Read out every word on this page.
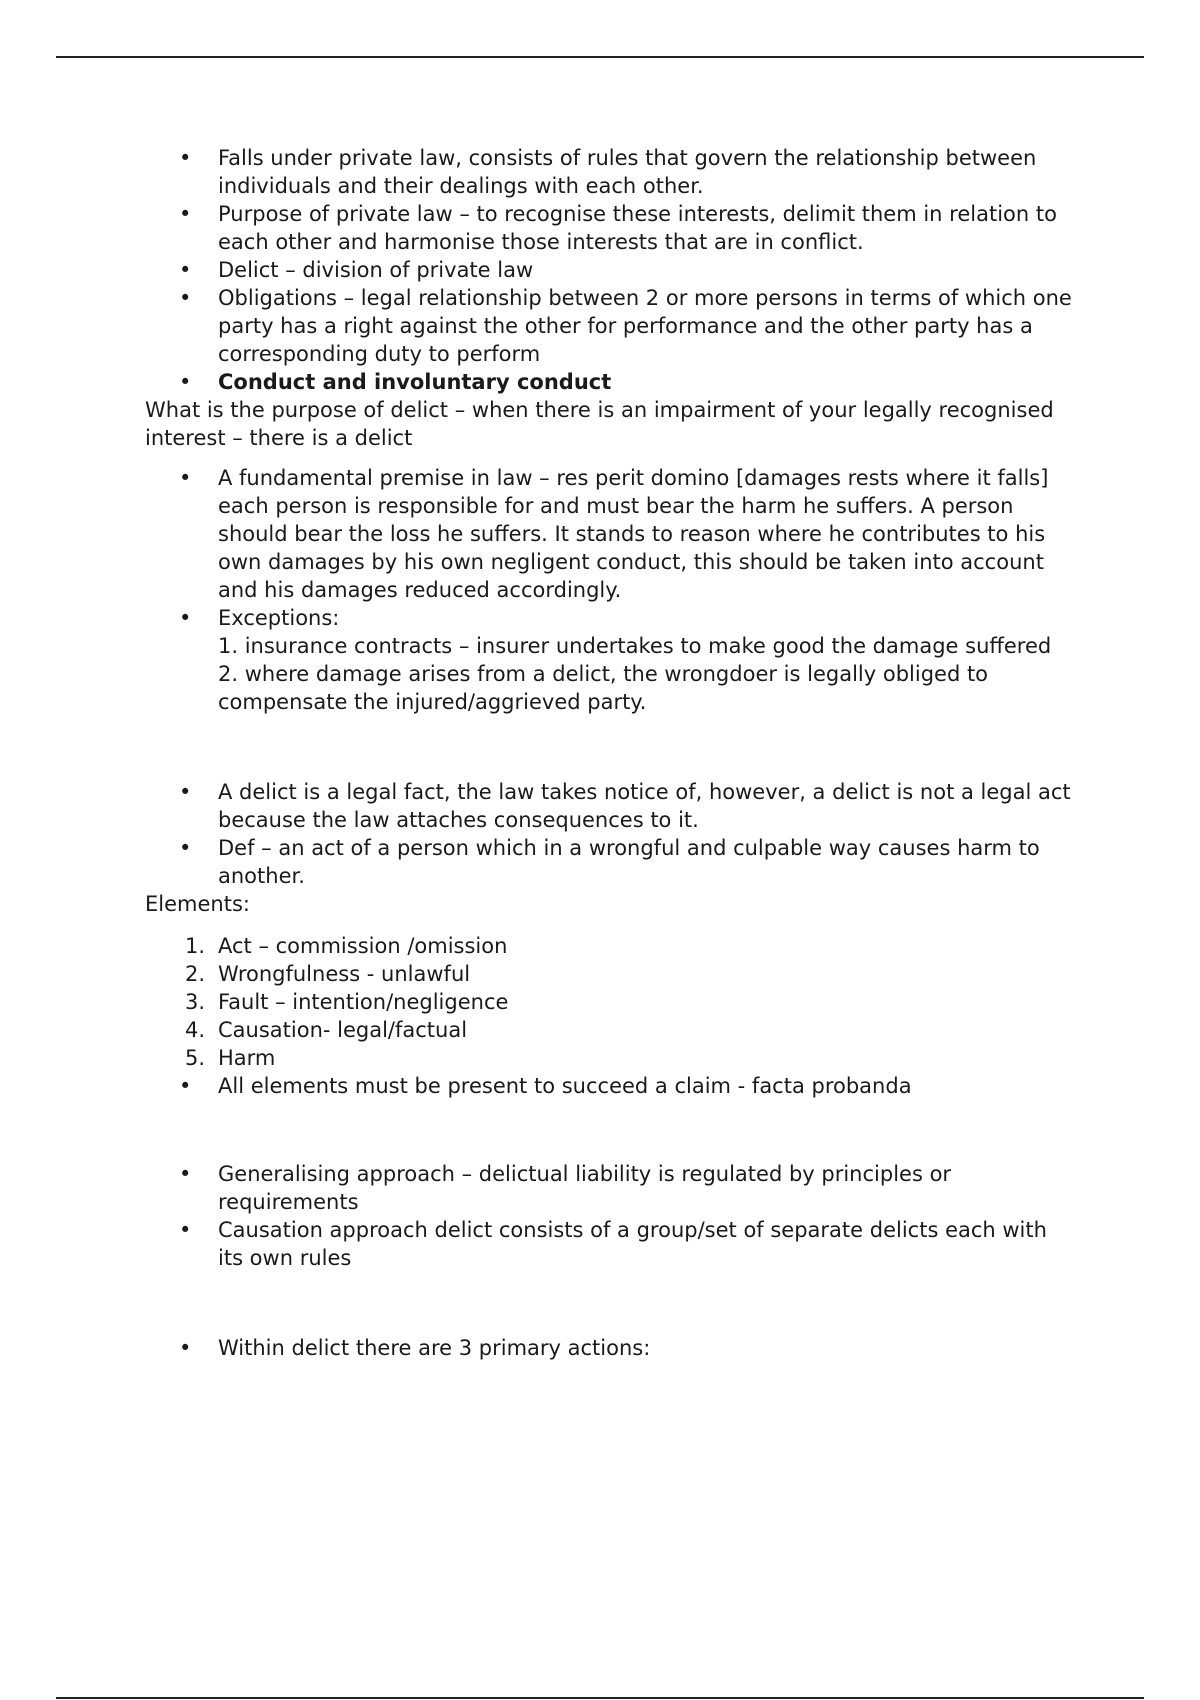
• Falls under private law, consists of rules that govern the relationship between individuals and their dealings with each other.
• Purpose of private law – to recognise these interests, delimit them in relation to each other and harmonise those interests that are in conflict.
• Delict – division of private law
• Obligations – legal relationship between 2 or more persons in terms of which one party has a right against the other for performance and the other party has a corresponding duty to perform
• Conduct and involuntary conduct

What is the purpose of delict – when there is an impairment of your legally recognised interest – there is a delict

• A fundamental premise in law – res perit domino [damages rests where it falls] each person is responsible for and must bear the harm he suffers. A person should bear the loss he suffers. It stands to reason where he contributes to his own damages by his own negligent conduct, this should be taken into account and his damages reduced accordingly.
• Exceptions:
1. insurance contracts – insurer undertakes to make good the damage suffered
2. where damage arises from a delict, the wrongdoer is legally obliged to compensate the injured/aggrieved party.
• A delict is a legal fact, the law takes notice of, however, a delict is not a legal act because the law attaches consequences to it.
• Def – an act of a person which in a wrongful and culpable way causes harm to another.

Elements:

1. Act – commission /omission
2. Wrongfulness - unlawful
3. Fault – intention/negligence
4. Causation- legal/factual
5. Harm
• All elements must be present to succeed a claim - facta probanda
• Generalising approach – delictual liability is regulated by principles or requirements
• Causation approach delict consists of a group/set of separate delicts each with its own rules
• Within delict there are 3 primary actions:
